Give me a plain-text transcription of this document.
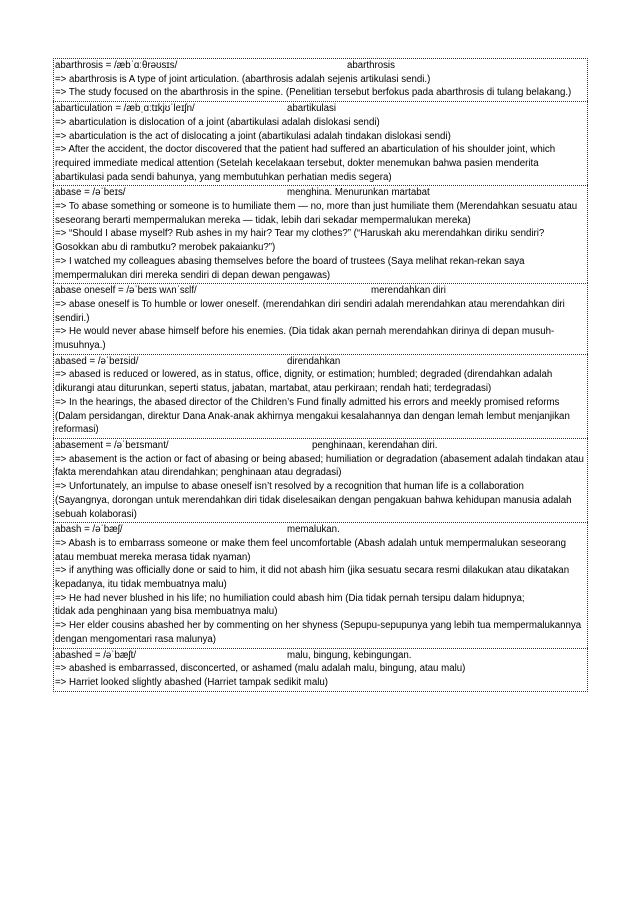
abarthrosis = /æbˈɑːθrəʊsɪs/	abarthrosis
=> abarthrosis is A type of joint articulation. (abarthrosis adalah sejenis artikulasi sendi.)
=> The study focused on the abarthrosis in the spine. (Penelitian tersebut berfokus pada abarthrosis di tulang belakang.)
abarticulation = /æbˌɑːtɪkjʊˈleɪʃn/	abartikulasi
=> abarticulation is dislocation of a joint (abartikulasi adalah dislokasi sendi)
=> abarticulation is the act of dislocating a joint (abartikulasi adalah tindakan dislokasi sendi)
=> After the accident, the doctor discovered that the patient had suffered an abarticulation of his shoulder joint, which required immediate medical attention (Setelah kecelakaan tersebut, dokter menemukan bahwa pasien menderita abartikulasi pada sendi bahunya, yang membutuhkan perhatian medis segera)
abase = /əˈbeɪs/	menghina. Menurunkan martabat
=> To abase something or someone is to humiliate them — no, more than just humiliate them (Merendahkan sesuatu atau seseorang berarti mempermalukan mereka — tidak, lebih dari sekadar mempermalukan mereka)
=> “Should I abase myself? Rub ashes in my hair? Tear my clothes?” (“Haruskah aku merendahkan diriku sendiri? Gosokkan abu di rambutku? merobek pakaianku?”)
=> I watched my colleagues abasing themselves before the board of trustees (Saya melihat rekan-rekan saya mempermalukan diri mereka sendiri di depan dewan pengawas)
abase oneself = /əˈbeɪs wʌnˈsɛlf/	merendahkan diri
=> abase oneself is To humble or lower oneself. (merendahkan diri sendiri adalah merendahkan atau merendahkan diri sendiri.)
=> He would never abase himself before his enemies. (Dia tidak akan pernah merendahkan dirinya di depan musuh-musuhnya.)
abased = /əˈbeɪsid/	direndahkan
=> abased is reduced or lowered, as in status, office, dignity, or estimation; humbled; degraded (direndahkan adalah dikurangi atau diturunkan, seperti status, jabatan, martabat, atau perkiraan; rendah hati; terdegradasi)
=> In the hearings, the abased director of the Children’s Fund finally admitted his errors and meekly promised reforms (Dalam persidangan, direktur Dana Anak-anak akhirnya mengakui kesalahannya dan dengan lemah lembut menjanjikan reformasi)
abasement = /əˈbeɪsmant/	penghinaan, kerendahan diri.
=> abasement is the action or fact of abasing or being abased; humiliation or degradation (abasement adalah tindakan atau fakta merendahkan atau direndahkan; penghinaan atau degradasi)
=> Unfortunately, an impulse to abase oneself isn’t resolved by a recognition that human life is a collaboration
(Sayangnya, dorongan untuk merendahkan diri tidak diselesaikan dengan pengakuan bahwa kehidupan manusia adalah sebuah kolaborasi)
abash = /əˈbæʃ/	memalukan.
=> Abash is to embarrass someone or make them feel uncomfortable (Abash adalah untuk mempermalukan seseorang atau membuat mereka merasa tidak nyaman)
=> if anything was officially done or said to him, it did not abash him (jika sesuatu secara resmi dilakukan atau dikatakan kepadanya, itu tidak membuatnya malu)
=> He had never blushed in his life; no humiliation could abash him (Dia tidak pernah tersipu dalam hidupnya;
tidak ada penghinaan yang bisa membuatnya malu)
=> Her elder cousins abashed her by commenting on her shyness (Sepupu-sepupunya yang lebih tua mempermalukannya dengan mengomentari rasa malunya)
abashed = /əˈbæʃt/	malu, bingung, kebingungan.
=> abashed is embarrassed, disconcerted, or ashamed (malu adalah malu, bingung, atau malu)
=> Harriet looked slightly abashed (Harriet tampak sedikit malu)
